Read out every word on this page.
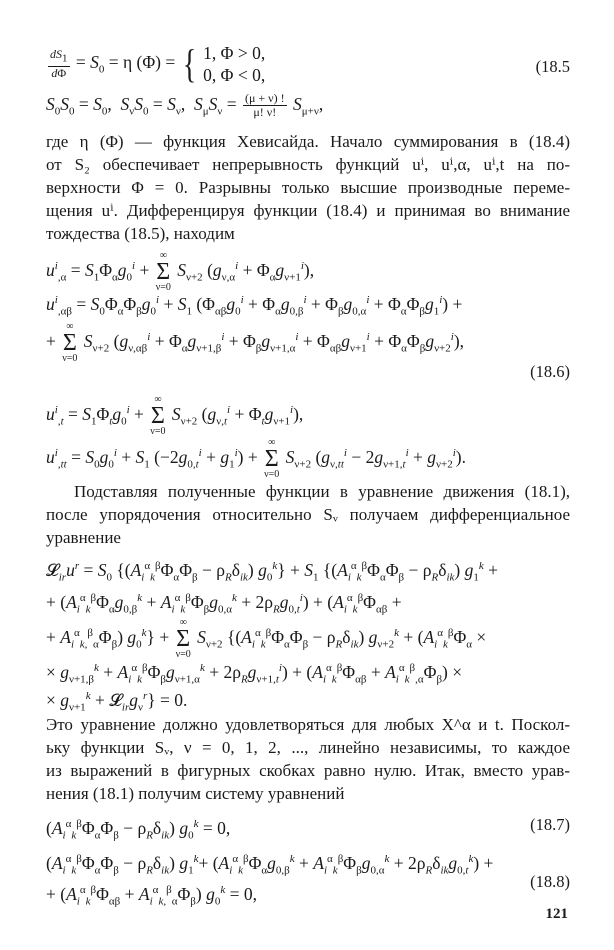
$\frac{dS_1}{d\Phi} = S_0 = \eta$ (Φ) = { 1, Φ > 0,
0, Φ < 0,	(18.5
$S_0S_0 = S_0$,  $S_\nu S_0 = S_\nu$,  $S_\mu S_\nu = \frac{(\mu + \nu) !}{\mu! \nu!} S_{\mu+\nu}$,
где η (Φ) — функция Хевисайда. Начало суммирования в (18.4)
от S₂ обеспечивает непрерывность функций uⁱ, uⁱ,α, uⁱ,t на по-
верхности Φ = 0. Разрывны только высшие производные переме-
щения uⁱ. Дифференцируя функции (18.4) и принимая во внимание
тождества (18.5), находим
$u^i_{,\alpha} = S_1\Phi_\alpha g_0^i$ +
∞
Σ
ν=0
$S_{\nu+2}$ $(g_{\nu,\alpha}^i + \Phi_\alpha g_{\nu+1}^i)$,
$u^i_{,\alpha\beta} = S_0\Phi_\alpha\Phi_\beta g_0^i + S_1$ $(\Phi_{\alpha\beta}g_0^i + \Phi_\alpha g_{0,\beta}^i + \Phi_\beta g_{0,\alpha}^i + \Phi_\alpha\Phi_\beta g_1^i)$ +
+
∞
Σ
ν=0
$S_{\nu+2}$ $(g_{\nu,\alpha\beta}^i + \Phi_\alpha g_{\nu+1,\beta}^i + \Phi_\beta g_{\nu+1,\alpha}^i + \Phi_{\alpha\beta}g_{\nu+1}^i + \Phi_\alpha\Phi_\beta g_{\nu+2}^i)$,
(18.6)
$u^i_{,t} = S_1\Phi_tg_0^i$ +
∞
Σ
ν=0
$S_{\nu+2}$ $(g_{\nu,t}^i + \Phi_tg_{\nu+1}^i)$,
$u^i_{,tt} = S_0g_0^i + S_1$ $(-2g_{0,t}^i + g_1^i)$ +
∞
Σ
ν=0
$S_{\nu+2}$ $(g_{\nu,tt}^i - 2g_{\nu+1,t}^i + g_{\nu+2}^i)$.
Подставляя полученные функции в уравнение движения (18.1),
после упорядочения относительно Sᵥ получаем дифференциальное
уравнение
$𝓛_{ir}u^r = S_0$ $\{(A_i^\alpha_k^\beta\Phi_\alpha\Phi_\beta - \rho_R\delta_{ik}) g_0^k\} + S_1$ {$(A_i^\alpha_k^\beta\Phi_\alpha\Phi_\beta - \rho_R\delta_{ik}) g_1^k$ +
+ $(A_i^\alpha_k^\beta\Phi_\alpha g_{0,\beta}^k + A_i^\alpha_k^\beta\Phi_\beta g_{0,\alpha}^k + 2\rho_Rg_{0,t}^i) + (A_i^\alpha_k^\beta\Phi_{\alpha\beta}$ +
+ $A_i^\alpha_{k,}^\beta_\alpha\Phi_\beta$) $g_0^k$} +
∞
Σ
ν=0
$S_{\nu+2}$ {$(A_i^\alpha_k^\beta\Phi_\alpha\Phi_\beta - \rho_R\delta_{ik}) g_{\nu+2}^k + (A_i^\alpha_k^\beta\Phi_\alpha$ ×
× $g_{\nu+1,\beta}^k + A_i^\alpha_k^\beta\Phi_\beta g_{\nu+1,\alpha}^k + 2\rho_Rg_{\nu+1,t}^i) + (A_i^\alpha_k^\beta\Phi_{\alpha\beta} + A_i^\alpha_k^\beta_{,\alpha}\Phi_\beta)$ ×
× $g_{\nu+1}^k$ + $𝓛_{ir}g_\nu^r\} = 0$.
Это уравнение должно удовлетворяться для любых X^α и t. Поскол-
ьку функции Sᵥ, ν = 0, 1, 2, ..., линейно независимы, то каждое
из выражений в фигурных скобках равно нулю. Итак, вместо урав-
нения (18.1) получим систему уравнений
$(A_i^\alpha_k^\beta\Phi_\alpha\Phi_\beta - \rho_R\delta_{ik}) g_0^k = 0$,	(18.7)
$(A_i^\alpha_k^\beta\Phi_\alpha\Phi_\beta - \rho_R\delta_{ik})$ $g_1^k+ (A_i^\alpha_k^\beta\Phi_\alpha g_{0,\beta}^k + A_i^\alpha_k^\beta\Phi_\beta g_{0,\alpha}^k + 2\rho_R\delta_{ik}g_{0,t}^k)$ +
+ $(A_i^\alpha_k^\beta\Phi_{\alpha\beta} + A_i^\alpha_{k,}^\beta_\alpha\Phi_\beta) g_0^k = 0$,
(18.8)
121
